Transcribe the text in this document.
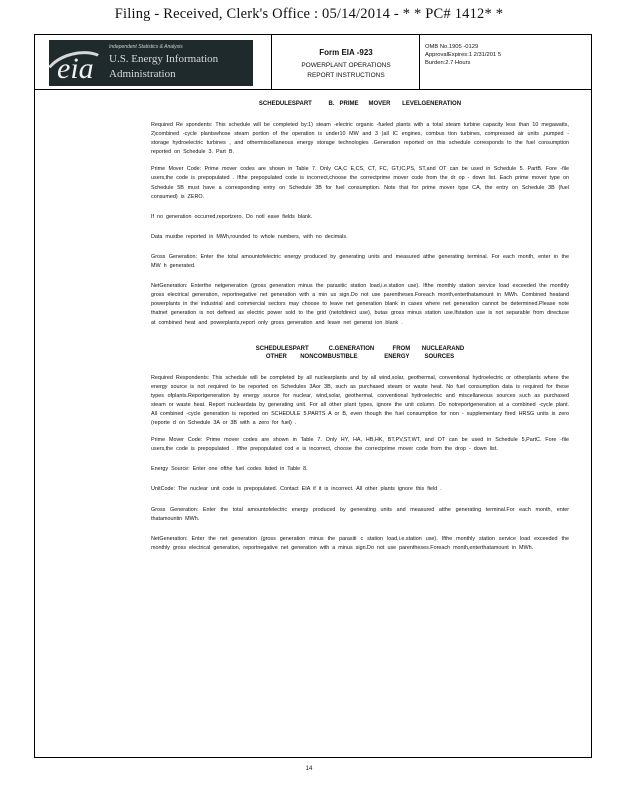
Filing - Received, Clerk's Office : 05/14/2014 - * * PC# 1412* *
eia
Independent Statistics & Analysis
U.S. Energy Information
Administration
Form EIA -923
POWERPLANT OPERATIONS
REPORT INSTRUCTIONS
OMB No.1905 -0129
ApprovalExpires:1 2/31/201 5
Burden:2.7 Hours
SCHEDULESPART          B.   PRIME      MOVER       LEVELGENERATION

Required Re spondents: This schedule will be completed by:1) steam -electric organic -fueled plants with a total steam turbine capacity less than 10 megawatts, 2)combined -cycle plantswhose steam portion of the operation is under10 MW and 3 )all IC engines, combus tion turbines, compressed air units ,pumped -storage hydroelectric turbines , and othermiscellaneous energy storage technologies .Generation reported on this schedule corresponds to the fuel consumption reported on Schedule 3. Part B.

Prime Mover Code: Prime mover codes are shown in Table 7. Only CA,C E,CS, CT, FC, GT,IC,PS, ST,and OT can be used in Schedule 5. PartB. Fore -file users,the code is prepopulated . Ifthe prepopulated code is incorrect,choose the correctprime mover code from the dr op - down list. Each prime mover type on Schedule 5B must have a corresponding entry on Schedule 3B for fuel consumption. Note that for prime mover type CA, the entry on Schedule 3B (fuel consumed) is ZERO.

If no generation occurred,reportzero. Do notl eave fields blank.

Data mustbe reported in MWh,rounded to whole numbers, with no decimals.

Gross Generation: Enter the total amountofelectric energy produced by generating units and measured atthe generating terminal. For each month, enter in the MW h generated.

NetGeneration: Enterthe netgeneration (gross generation minus the parasitic station load,i.e.station use). Ifthe monthly station service load exceeded the monthly gross electrical generation, reportnegative net generation with a min us sign.Do not use parentheses.Foreach month,enterthatamount in MWh. Combined heatand powerplants in the industrial and commercial sectors may choose to leave net generation blank in cases where net generation cannot be determined.Please note thatnet generation is not defined as electric power sold to the grid (netofdirect use), butas gross minus station use.Ifstation use is not separable from directuse at combined heat and powerplants,report only gross generation and leave net generat ion blank .

SCHEDULESPART            C.GENERATION           FROM       NUCLEARAND
OTHER        NONCOMBUSTIBLE                ENERGY         SOURCES

Required Respondents: This schedule will be completed by all nuclearplants and by all wind,solar, geothermal, conventional hydroelectric or otherplants where the energy source is not required to be reported on Schedules 3Aor 3B, such as purchased steam or waste heat. No fuel consumption data is required for these types ofplants.Reportgeneration by energy source for nuclear, wind,solar, geothermal, conventional hydroelectric and miscellaneous sources such as purchased steam or waste heat. Report nucleardata by generating unit. For all other plant types, ignore the unit column. Do notreportgeneration at a combined -cycle plant. All combined -cycle generation is reported on SCHEDULE 5.PARTS A or B, even though the fuel consumption for non - supplementary fired HRSG units is zero (reporte d on Schedule 3A or 3B with a zero for fuel) .

Prime Mover Code: Prime mover codes are shown in Table 7. Only HY, HA, HB,HK, BT,PV,ST,WT, and OT can be used in Schedule 5,PartC. Fore -file users,the code is prepopulated . Ifthe prepopulated cod e is incorrect, choose the correctprime mover code from the drop - down list.

Energy Source: Enter one ofthe fuel codes listed in Table 8.

UnitCode: The nuclear unit code is prepopulated. Contact EIA if it is incorrect. All other plants ignore this field .

Gross Generation: Enter the total amountofelectric energy produced by generating units and measured atthe generating terminal.For each month, enter thatamountin MWh.

NetGeneration: Enter the net generation (gross generation minus the parasiti c station load,i.e.station use). Ifthe monthly station service load exceeded the monthly gross electrical generation, reportnegative net generation with a minus sign.Do not use parentheses.Foreach month,enterthatamount in MWh.

14
